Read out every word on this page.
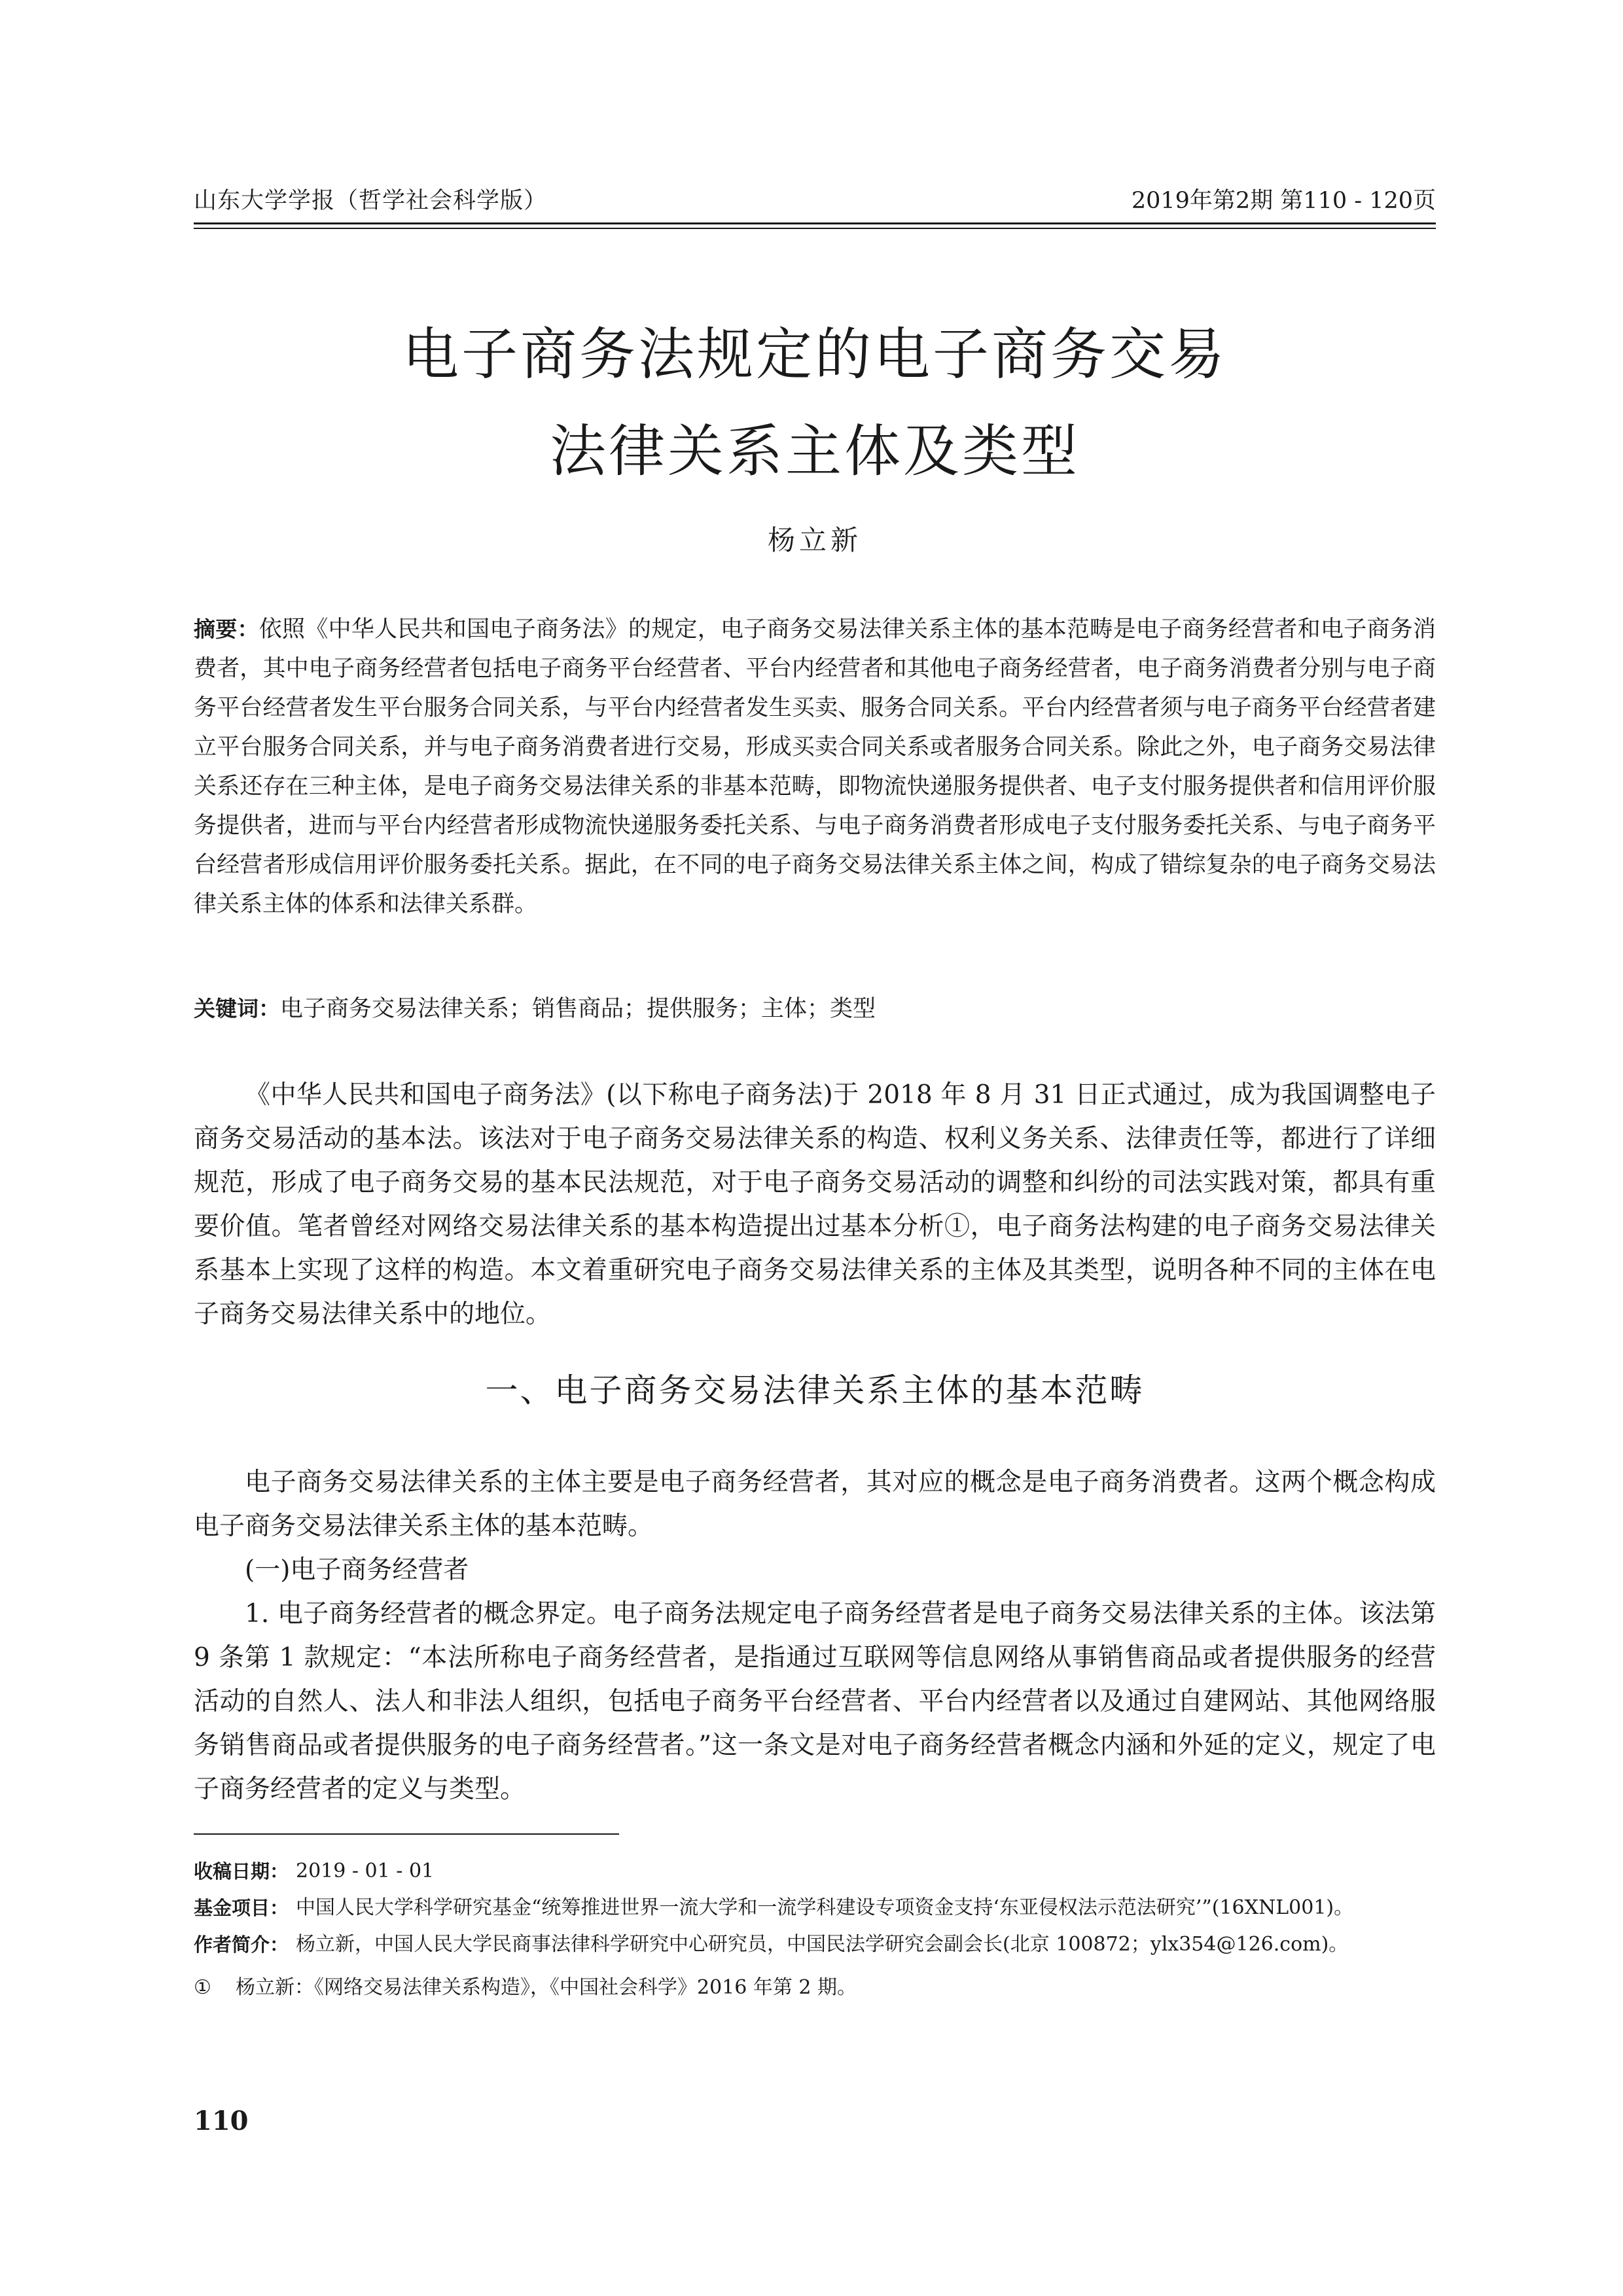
山东大学学报（哲学社会科学版）	2019年第2期 第110 - 120页
电子商务法规定的电子商务交易
法律关系主体及类型
杨立新
摘要：依照《中华人民共和国电子商务法》的规定，电子商务交易法律关系主体的基本范畴是电子商务经营者和电子商务消费者，其中电子商务经营者包括电子商务平台经营者、平台内经营者和其他电子商务经营者，电子商务消费者分别与电子商务平台经营者发生平台服务合同关系，与平台内经营者发生买卖、服务合同关系。平台内经营者须与电子商务平台经营者建立平台服务合同关系，并与电子商务消费者进行交易，形成买卖合同关系或者服务合同关系。除此之外，电子商务交易法律关系还存在三种主体，是电子商务交易法律关系的非基本范畴，即物流快递服务提供者、电子支付服务提供者和信用评价服务提供者，进而与平台内经营者形成物流快递服务委托关系、与电子商务消费者形成电子支付服务委托关系、与电子商务平台经营者形成信用评价服务委托关系。据此，在不同的电子商务交易法律关系主体之间，构成了错综复杂的电子商务交易法律关系主体的体系和法律关系群。
关键词：电子商务交易法律关系；销售商品；提供服务；主体；类型

《中华人民共和国电子商务法》(以下称电子商务法)于 2018 年 8 月 31 日正式通过，成为我国调整电子商务交易活动的基本法。该法对于电子商务交易法律关系的构造、权利义务关系、法律责任等，都进行了详细规范，形成了电子商务交易的基本民法规范，对于电子商务交易活动的调整和纠纷的司法实践对策，都具有重要价值。笔者曾经对网络交易法律关系的基本构造提出过基本分析①，电子商务法构建的电子商务交易法律关系基本上实现了这样的构造。本文着重研究电子商务交易法律关系的主体及其类型，说明各种不同的主体在电子商务交易法律关系中的地位。

一、电子商务交易法律关系主体的基本范畴

电子商务交易法律关系的主体主要是电子商务经营者，其对应的概念是电子商务消费者。这两个概念构成电子商务交易法律关系主体的基本范畴。

(一)电子商务经营者

1. 电子商务经营者的概念界定。电子商务法规定电子商务经营者是电子商务交易法律关系的主体。该法第 9 条第 1 款规定：“本法所称电子商务经营者，是指通过互联网等信息网络从事销售商品或者提供服务的经营活动的自然人、法人和非法人组织，包括电子商务平台经营者、平台内经营者以及通过自建网站、其他网络服务销售商品或者提供服务的电子商务经营者。”这一条文是对电子商务经营者概念内涵和外延的定义，规定了电子商务经营者的定义与类型。

收稿日期： 2019 - 01 - 01
基金项目： 中国人民大学科学研究基金“统筹推进世界一流大学和一流学科建设专项资金支持‘东亚侵权法示范法研究’”(16XNL001)。
作者简介： 杨立新，中国人民大学民商事法律科学研究中心研究员，中国民法学研究会副会长(北京 100872；ylx354@126.com)。
①	杨立新：《网络交易法律关系构造》，《中国社会科学》2016 年第 2 期。
110
